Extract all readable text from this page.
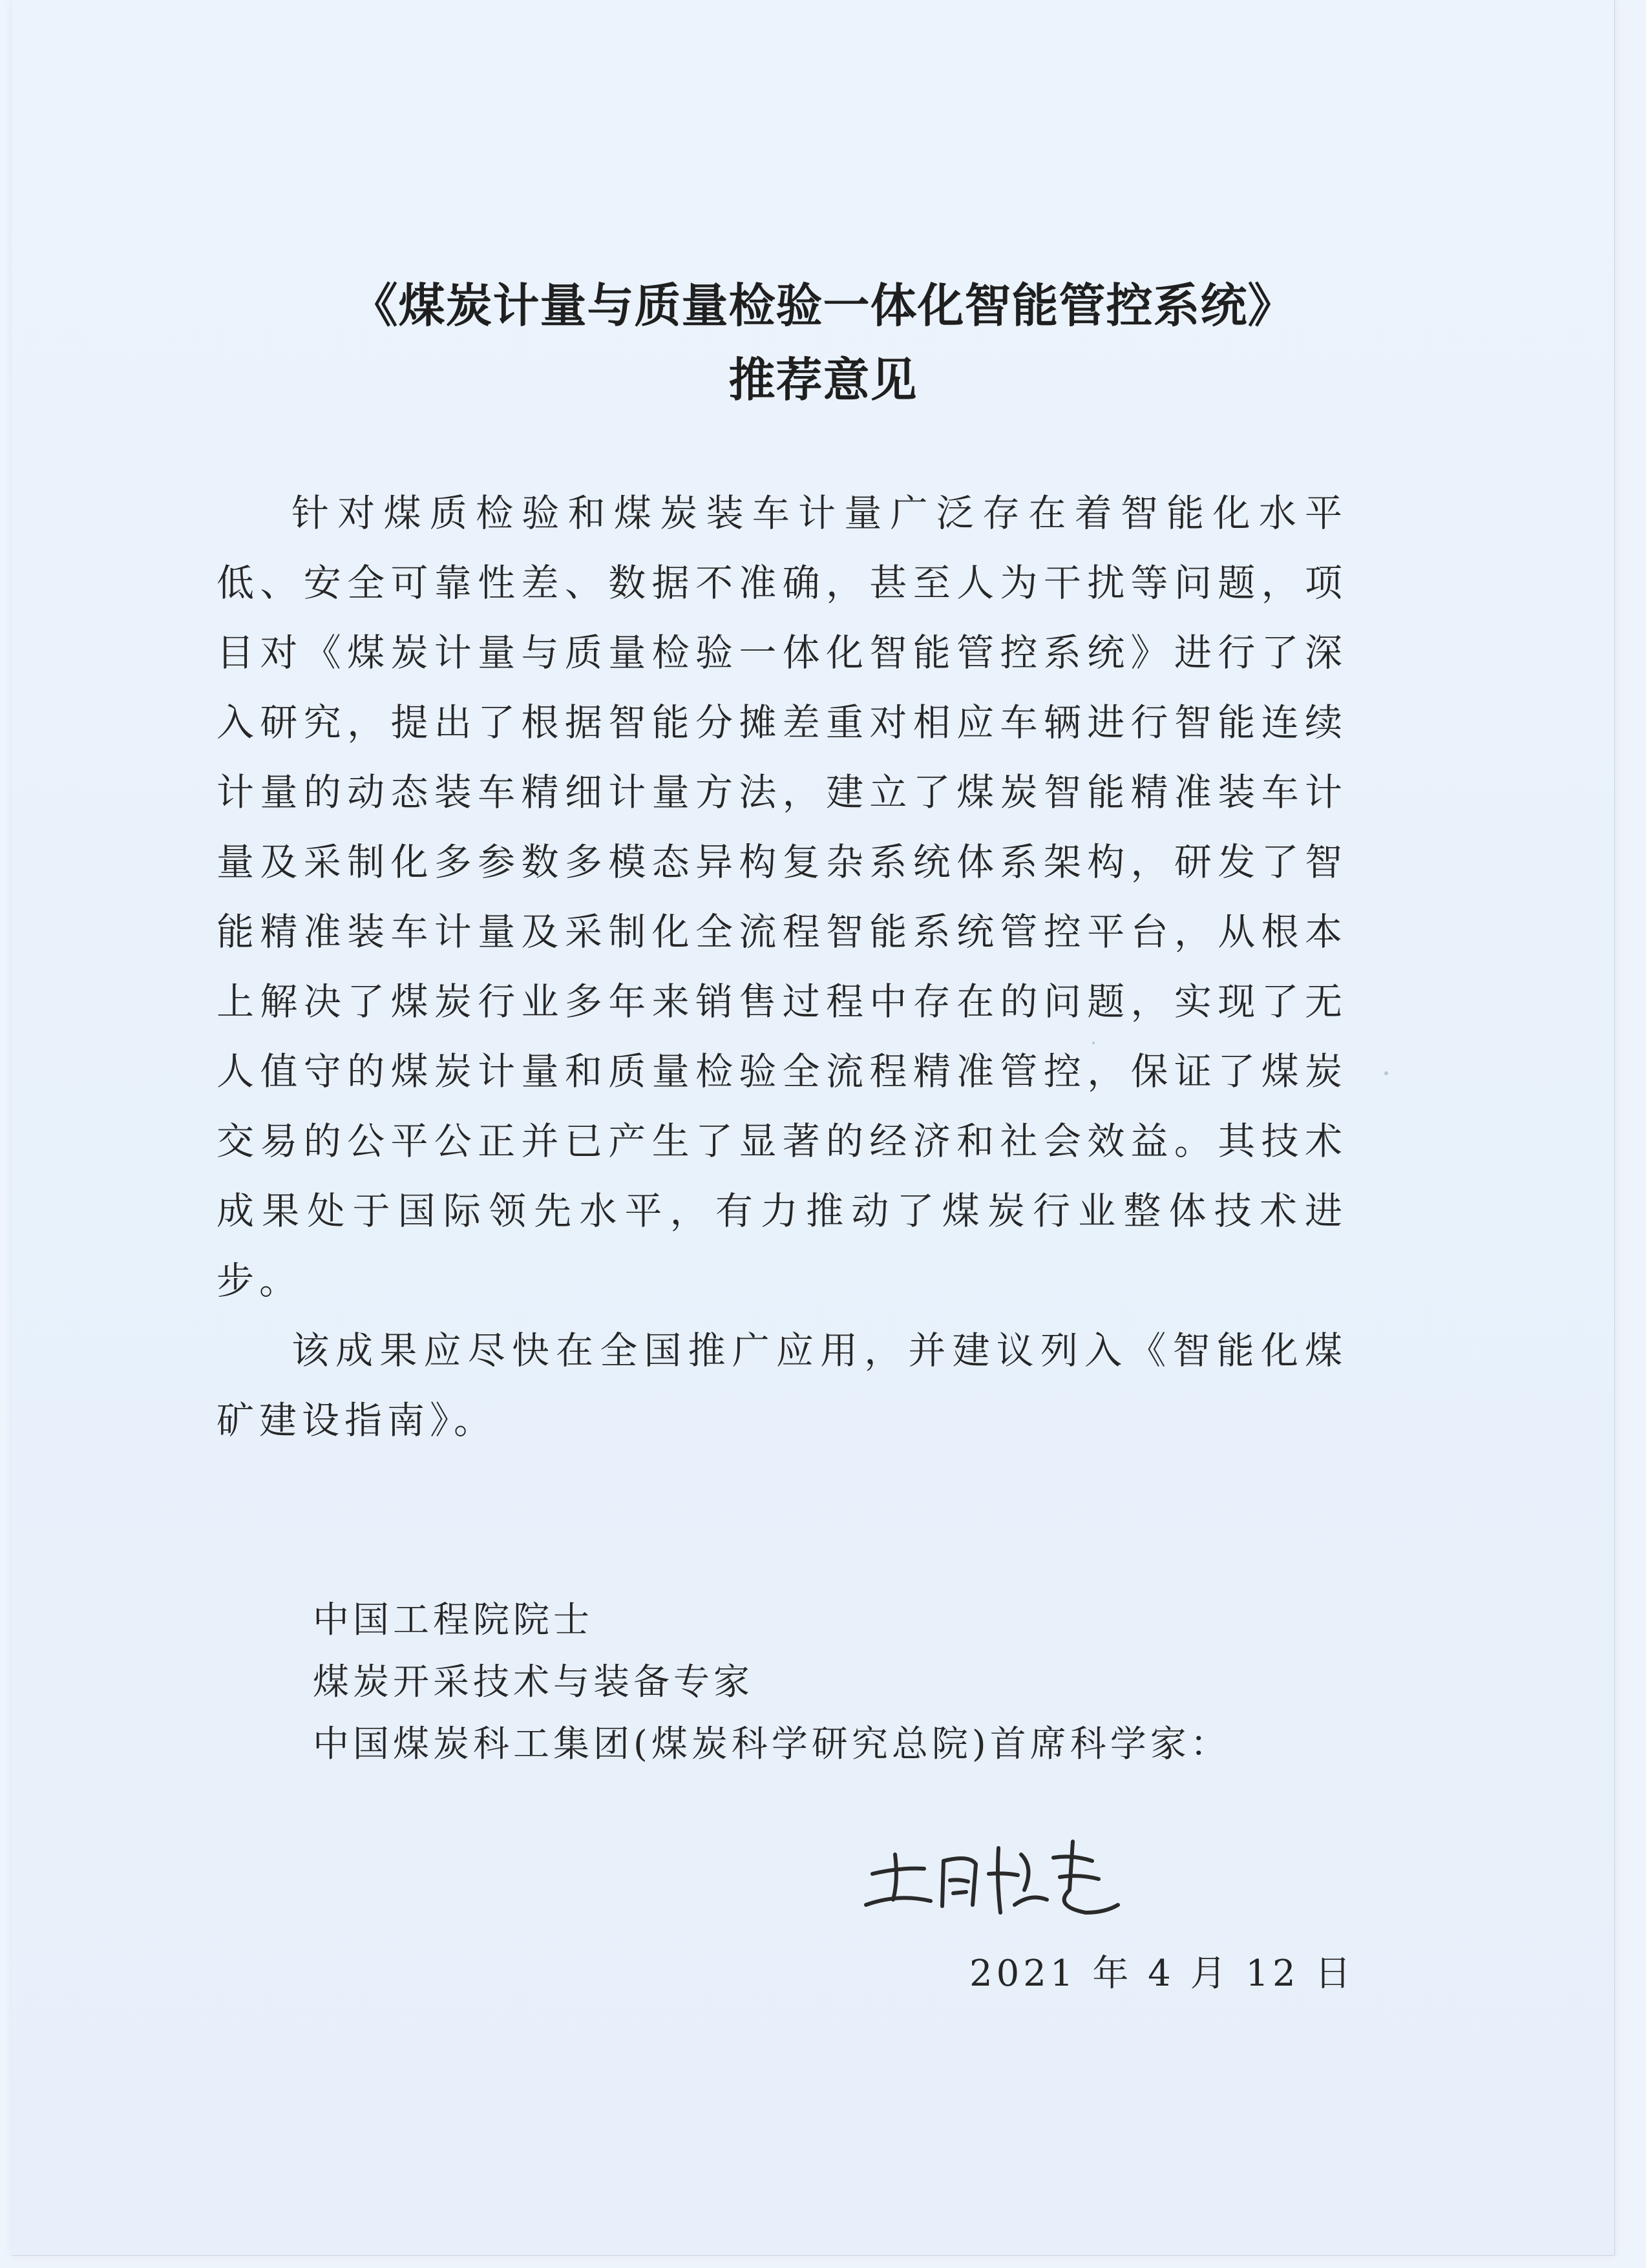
《煤炭计量与质量检验一体化智能管控系统》
推荐意见

针对煤质检验和煤炭装车计量广泛存在着智能化水平低、安全可靠性差、数据不准确，甚至人为干扰等问题，项目对《煤炭计量与质量检验一体化智能管控系统》进行了深入研究，提出了根据智能分摊差重对相应车辆进行智能连续计量的动态装车精细计量方法，建立了煤炭智能精准装车计量及采制化多参数多模态异构复杂系统体系架构，研发了智能精准装车计量及采制化全流程智能系统管控平台，从根本上解决了煤炭行业多年来销售过程中存在的问题，实现了无人值守的煤炭计量和质量检验全流程精准管控，保证了煤炭交易的公平公正并已产生了显著的经济和社会效益。其技术成果处于国际领先水平，有力推动了煤炭行业整体技术进步。

该成果应尽快在全国推广应用，并建议列入《智能化煤矿建设指南》。

中国工程院院士
煤炭开采技术与装备专家
中国煤炭科工集团(煤炭科学研究总院)首席科学家：
2021 年 4 月 12 日
